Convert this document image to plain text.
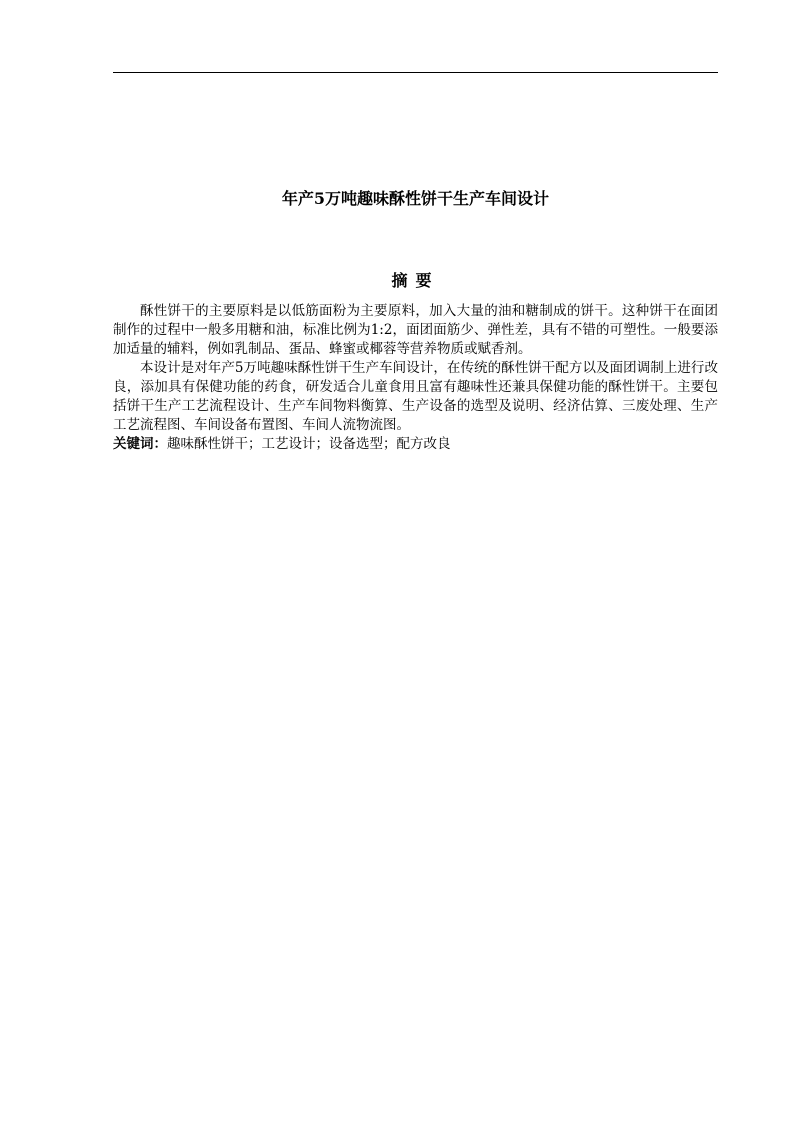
年产5万吨趣味酥性饼干生产车间设计
摘要

酥性饼干的主要原料是以低筋面粉为主要原料，加入大量的油和糖制成的饼干。这种饼干在面团制作的过程中一般多用糖和油，标准比例为1:2，面团面筋少、弹性差，具有不错的可塑性。一般要添加适量的辅料，例如乳制品、蛋品、蜂蜜或椰蓉等营养物质或赋香剂。

本设计是对年产5万吨趣味酥性饼干生产车间设计，在传统的酥性饼干配方以及面团调制上进行改良，添加具有保健功能的药食，研发适合儿童食用且富有趣味性还兼具保健功能的酥性饼干。主要包括饼干生产工艺流程设计、生产车间物料衡算、生产设备的选型及说明、经济估算、三废处理、生产工艺流程图、车间设备布置图、车间人流物流图。

关键词：趣味酥性饼干；工艺设计；设备选型；配方改良
